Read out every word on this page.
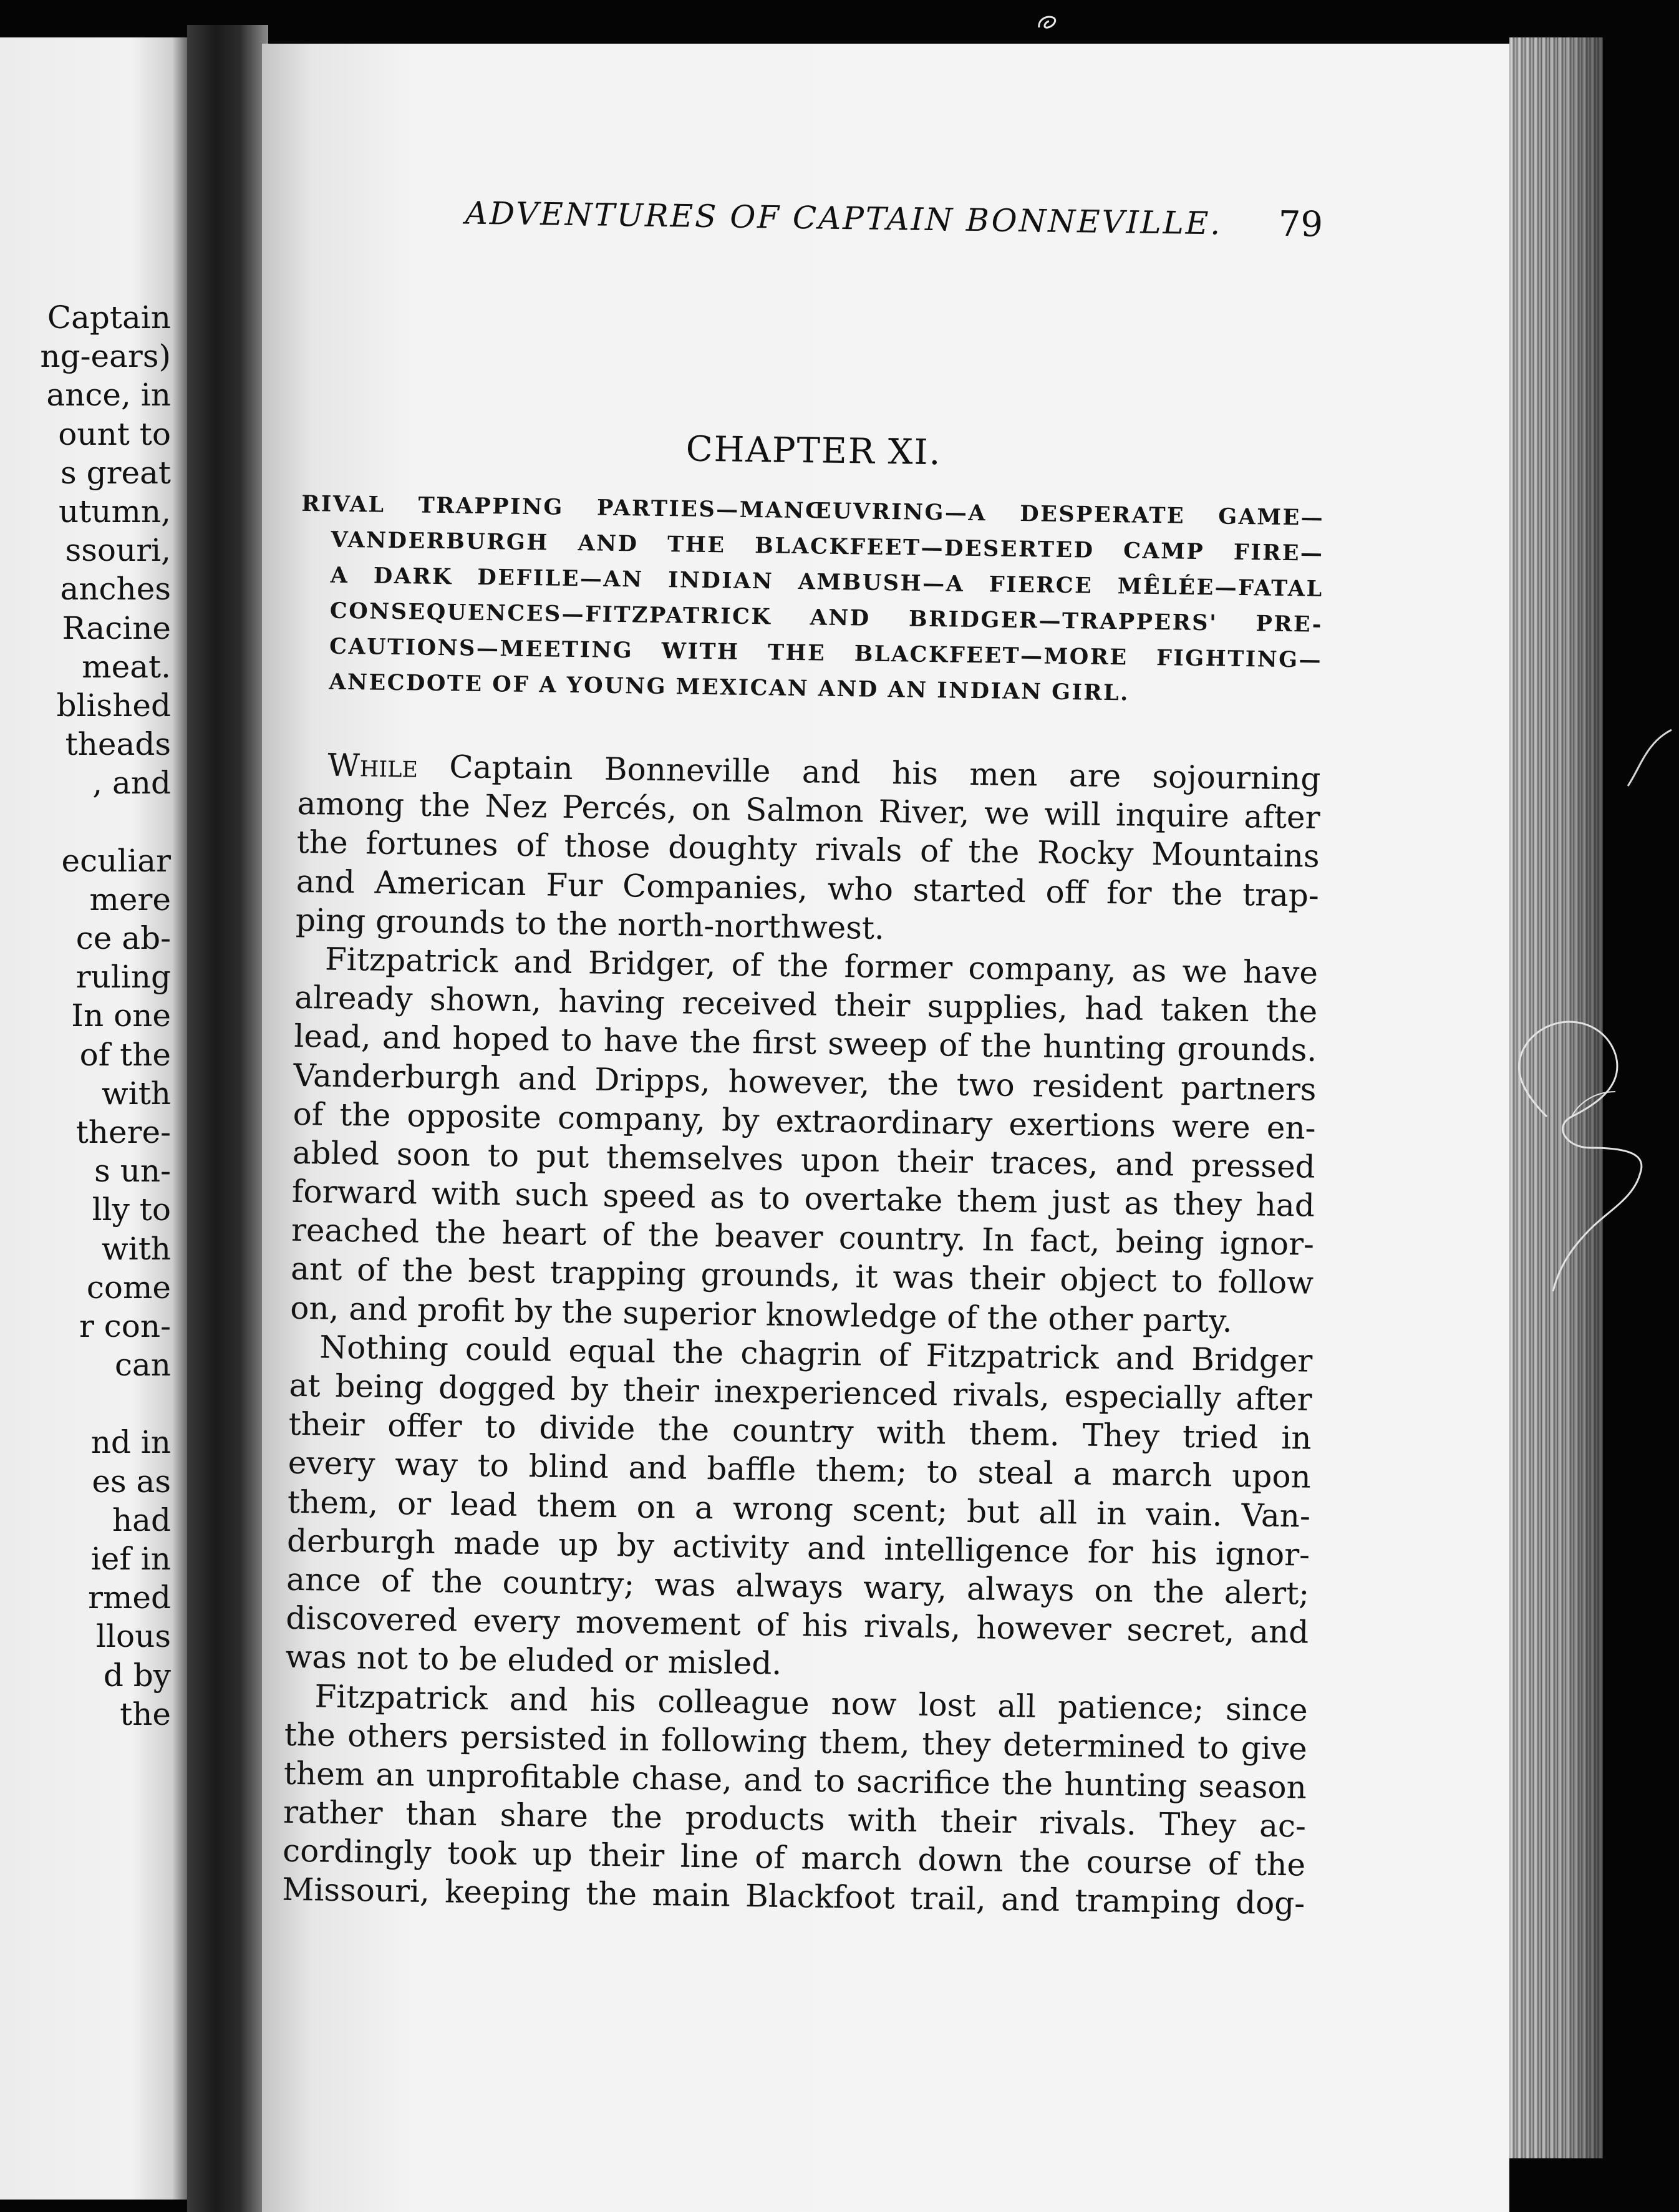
Captain
ng-ears)
ance, in
ount to
s great
utumn,
ssouri,
anches
Racine
meat.
blished
theads
, and
eculiar
mere
ce ab-
ruling
In one
of the
with
there-
s un-
lly to
with
come
r con-
can
nd in
es as
had
ief in
rmed
llous
d by
the
ADVENTURES OF CAPTAIN BONNEVILLE.	79
CHAPTER XI.
RIVAL TRAPPING PARTIES—MANŒUVRING—A DESPERATE GAME—
VANDERBURGH AND THE BLACKFEET—DESERTED CAMP FIRE—
A DARK DEFILE—AN INDIAN AMBUSH—A FIERCE MÊLÉE—FATAL
CONSEQUENCES—FITZPATRICK AND BRIDGER—TRAPPERS' PRE-
CAUTIONS—MEETING WITH THE BLACKFEET—MORE FIGHTING—
ANECDOTE OF A YOUNG MEXICAN AND AN INDIAN GIRL.
While Captain Bonneville and his men are sojourning
among the Nez Percés, on Salmon River, we will inquire after
the fortunes of those doughty rivals of the Rocky Mountains
and American Fur Companies, who started off for the trap-
ping grounds to the north-northwest.
Fitzpatrick and Bridger, of the former company, as we have
already shown, having received their supplies, had taken the
lead, and hoped to have the first sweep of the hunting grounds.
Vanderburgh and Dripps, however, the two resident partners
of the opposite company, by extraordinary exertions were en-
abled soon to put themselves upon their traces, and pressed
forward with such speed as to overtake them just as they had
reached the heart of the beaver country. In fact, being ignor-
ant of the best trapping grounds, it was their object to follow
on, and profit by the superior knowledge of the other party.
Nothing could equal the chagrin of Fitzpatrick and Bridger
at being dogged by their inexperienced rivals, especially after
their offer to divide the country with them. They tried in
every way to blind and baffle them; to steal a march upon
them, or lead them on a wrong scent; but all in vain. Van-
derburgh made up by activity and intelligence for his ignor-
ance of the country; was always wary, always on the alert;
discovered every movement of his rivals, however secret, and
was not to be eluded or misled.
Fitzpatrick and his colleague now lost all patience; since
the others persisted in following them, they determined to give
them an unprofitable chase, and to sacrifice the hunting season
rather than share the products with their rivals. They ac-
cordingly took up their line of march down the course of the
Missouri, keeping the main Blackfoot trail, and tramping dog-
